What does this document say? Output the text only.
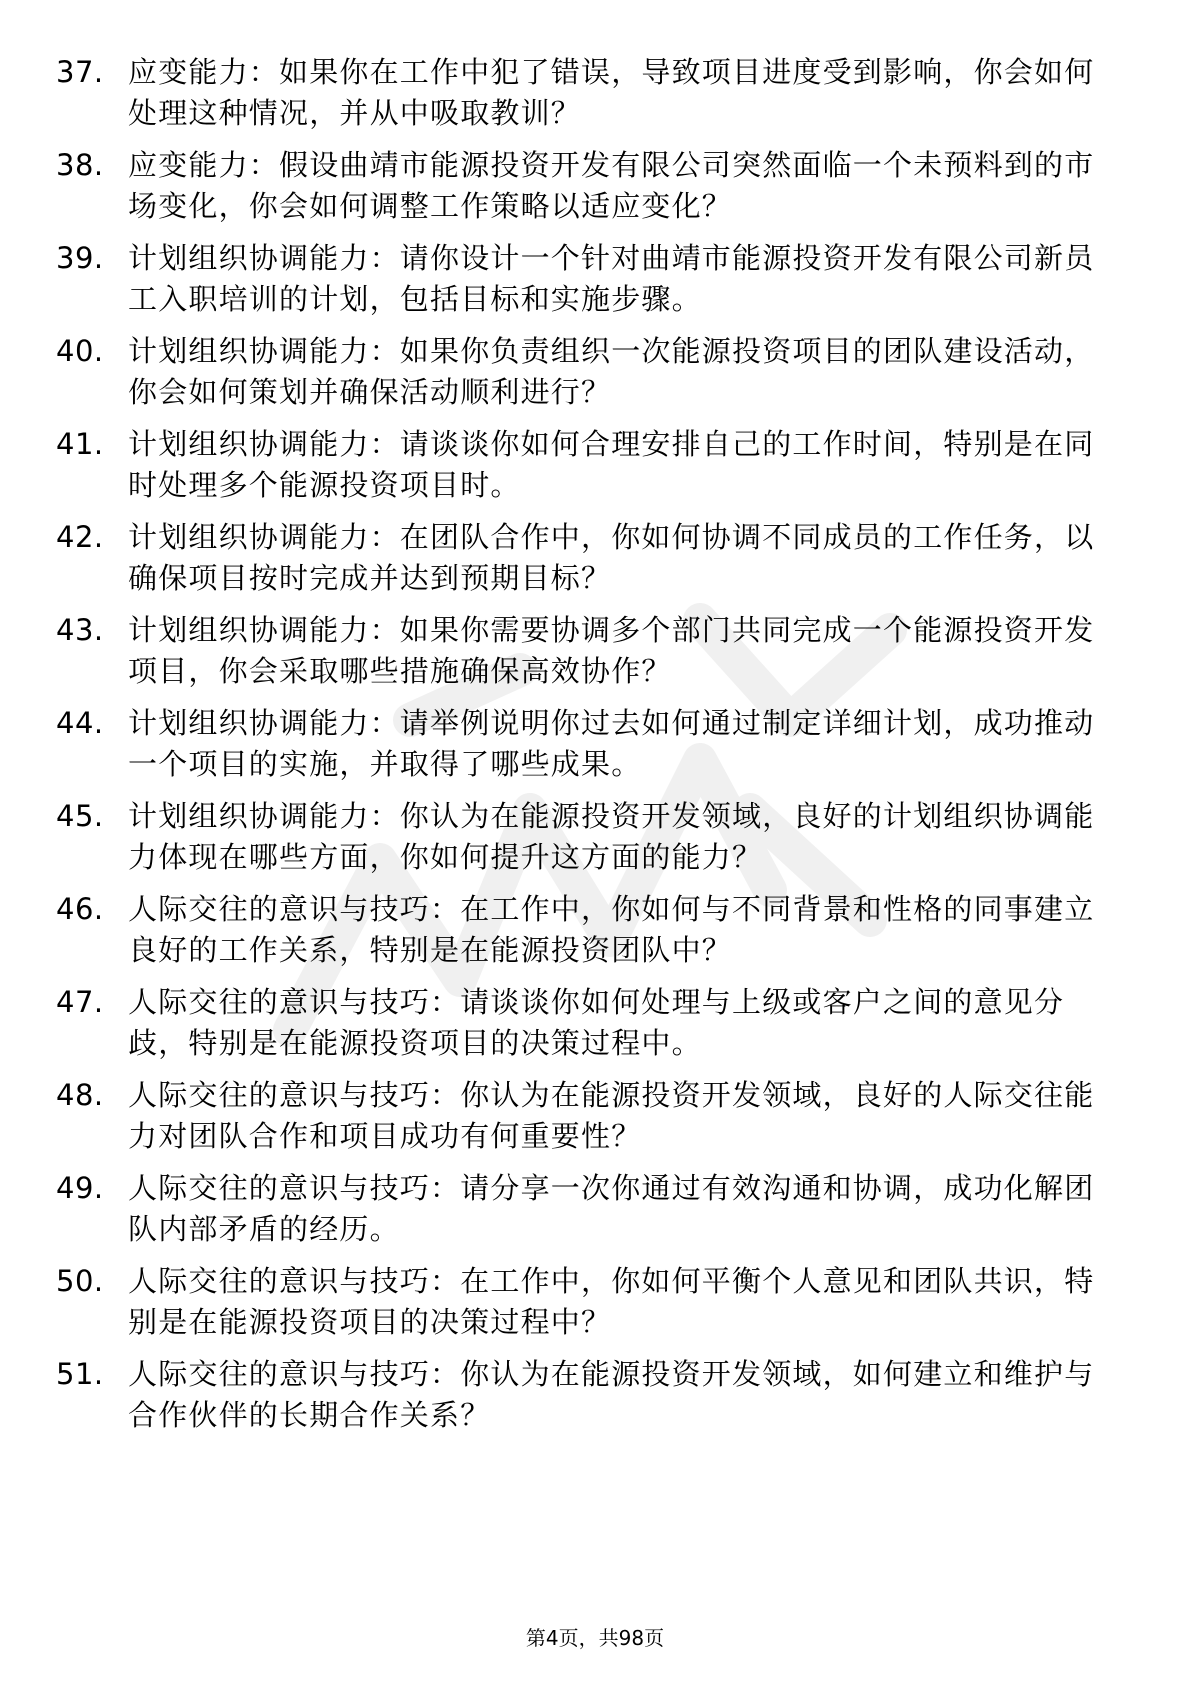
37. 应变能力：如果你在工作中犯了错误，导致项目进度受到影响，你会如何处理这种情况，并从中吸取教训？
38. 应变能力：假设曲靖市能源投资开发有限公司突然面临一个未预料到的市场变化，你会如何调整工作策略以适应变化？
39. 计划组织协调能力：请你设计一个针对曲靖市能源投资开发有限公司新员工入职培训的计划，包括目标和实施步骤。
40. 计划组织协调能力：如果你负责组织一次能源投资项目的团队建设活动，你会如何策划并确保活动顺利进行？
41. 计划组织协调能力：请谈谈你如何合理安排自己的工作时间，特别是在同时处理多个能源投资项目时。
42. 计划组织协调能力：在团队合作中，你如何协调不同成员的工作任务，以确保项目按时完成并达到预期目标？
43. 计划组织协调能力：如果你需要协调多个部门共同完成一个能源投资开发项目，你会采取哪些措施确保高效协作？
44. 计划组织协调能力：请举例说明你过去如何通过制定详细计划，成功推动一个项目的实施，并取得了哪些成果。
45. 计划组织协调能力：你认为在能源投资开发领域，良好的计划组织协调能力体现在哪些方面，你如何提升这方面的能力？
46. 人际交往的意识与技巧：在工作中，你如何与不同背景和性格的同事建立良好的工作关系，特别是在能源投资团队中？
47. 人际交往的意识与技巧：请谈谈你如何处理与上级或客户之间的意见分歧，特别是在能源投资项目的决策过程中。
48. 人际交往的意识与技巧：你认为在能源投资开发领域，良好的人际交往能力对团队合作和项目成功有何重要性？
49. 人际交往的意识与技巧：请分享一次你通过有效沟通和协调，成功化解团队内部矛盾的经历。
50. 人际交往的意识与技巧：在工作中，你如何平衡个人意见和团队共识，特别是在能源投资项目的决策过程中？
51. 人际交往的意识与技巧：你认为在能源投资开发领域，如何建立和维护与合作伙伴的长期合作关系？
第4页，共98页
